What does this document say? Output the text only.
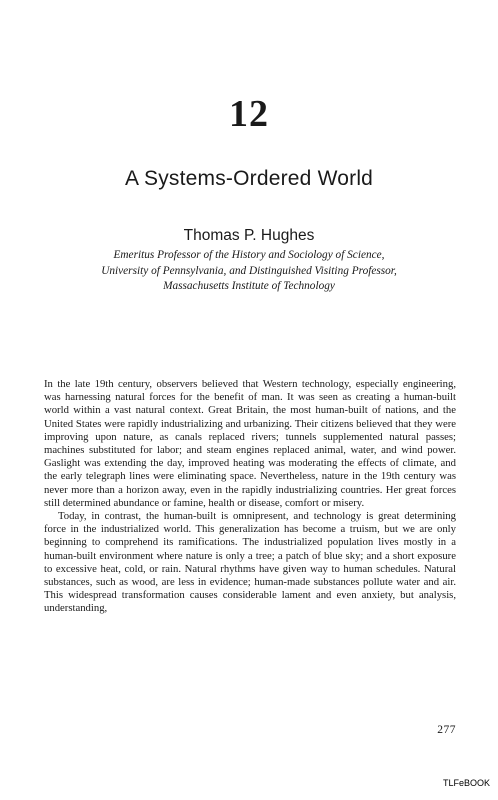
12
A Systems-Ordered World
Thomas P. Hughes
Emeritus Professor of the History and Sociology of Science,
University of Pennsylvania, and Distinguished Visiting Professor,
Massachusetts Institute of Technology

In the late 19th century, observers believed that Western technology, especially engineering, was harnessing natural forces for the benefit of man. It was seen as creating a human-built world within a vast natural context. Great Britain, the most human-built of nations, and the United States were rapidly industrializing and urbanizing. Their citizens believed that they were improving upon nature, as canals replaced rivers; tunnels supplemented natural passes; machines substituted for labor; and steam engines replaced animal, water, and wind power. Gaslight was extending the day, improved heating was moderating the effects of climate, and the early telegraph lines were eliminating space. Nevertheless, nature in the 19th century was never more than a horizon away, even in the rapidly industrializing countries. Her great forces still determined abundance or famine, health or disease, comfort or misery.

Today, in contrast, the human-built is omnipresent, and technology is great determining force in the industrialized world. This generalization has become a truism, but we are only beginning to comprehend its ramifications. The industrialized population lives mostly in a human-built environment where nature is only a tree; a patch of blue sky; and a short exposure to excessive heat, cold, or rain. Natural rhythms have given way to human schedules. Natural substances, such as wood, are less in evidence; human-made substances pollute water and air. This widespread transformation causes considerable lament and even anxiety, but analysis, understanding,

277
TLFeBOOK
